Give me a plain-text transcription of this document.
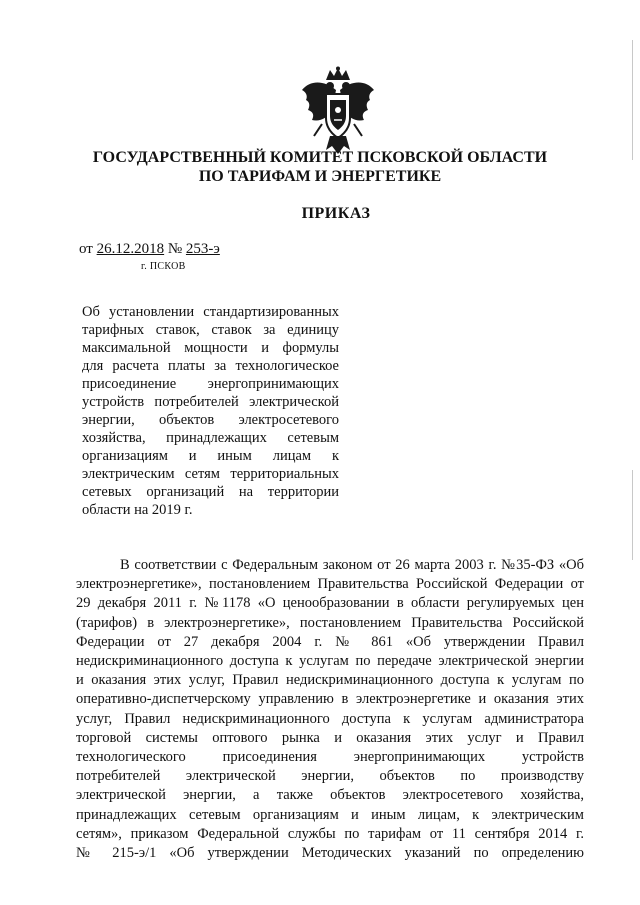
ГОСУДАРСТВЕННЫЙ КОМИТЕТ ПСКОВСКОЙ ОБЛАСТИ
ПО ТАРИФАМ И ЭНЕРГЕТИКЕ
ПРИКАЗ
от 26.12.2018 № 253-э
г. ПСКОВ
Об установлении стандартизированных
тарифных ставок, ставок за единицу
максимальной мощности и формулы
для расчета платы за технологическое
присоединение энергопринимающих
устройств потребителей электрической
энергии, объектов электросетевого
хозяйства, принадлежащих сетевым
организациям и иным лицам к
электрическим сетям территориальных
сетевых организаций на территории
области на 2019 г.
В соответствии с Федеральным законом от 26 марта 2003 г. №35-ФЗ «Об
электроэнергетике», постановлением Правительства Российской Федерации от
29 декабря 2011 г. №1178 «О ценообразовании в области регулируемых цен
(тарифов) в электроэнергетике», постановлением Правительства Российской
Федерации от 27 декабря 2004 г. № 861 «Об утверждении Правил
недискриминационного доступа к услугам по передаче электрической энергии
и оказания этих услуг, Правил недискриминационного доступа к услугам по
оперативно-диспетчерскому управлению в электроэнергетике и оказания этих
услуг, Правил недискриминационного доступа к услугам администратора
торговой системы оптового рынка и оказания этих услуг и Правил
технологического присоединения энергопринимающих устройств
потребителей электрической энергии, объектов по производству
электрической энергии, а также объектов электросетевого хозяйства,
принадлежащих сетевым организациям и иным лицам, к электрическим
сетям», приказом Федеральной службы по тарифам от 11 сентября 2014 г.
№ 215-э/1 «Об утверждении Методических указаний по определению
